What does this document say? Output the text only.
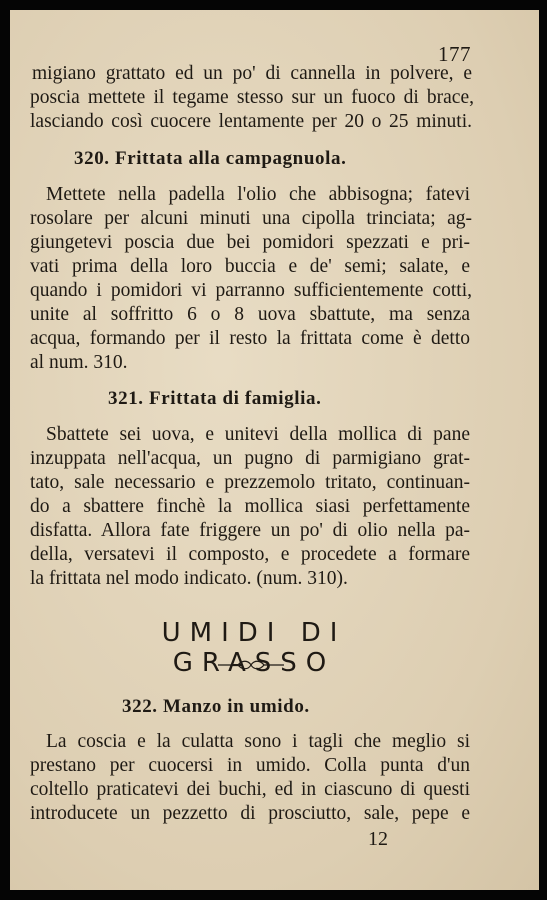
177
migiano grattato ed un po' di cannella in polvere, e
poscia mettete il tegame stesso sur un fuoco di brace,
lasciando così cuocere lentamente per 20 o 25 minuti.
320. Frittata alla campagnuola.
Mettete nella padella l'olio che abbisogna; fatevi
rosolare per alcuni minuti una cipolla trinciata; ag-
giungetevi poscia due bei pomidori spezzati e pri-
vati prima della loro buccia e de' semi; salate, e
quando i pomidori vi parranno sufficientemente cotti,
unite al soffritto 6 o 8 uova sbattute, ma senza
acqua, formando per il resto la frittata come è detto
al num. 310.
321. Frittata di famiglia.
Sbattete sei uova, e unitevi della mollica di pane
inzuppata nell'acqua, un pugno di parmigiano grat-
tato, sale necessario e prezzemolo tritato, continuan-
do a sbattere finchè la mollica siasi perfettamente
disfatta. Allora fate friggere un po' di olio nella pa-
della, versatevi il composto, e procedete a formare
la frittata nel modo indicato. (num. 310).
UMIDI DI GRASSO
322. Manzo in umido.
La coscia e la culatta sono i tagli che meglio si
prestano per cuocersi in umido. Colla punta d'un
coltello praticatevi dei buchi, ed in ciascuno di questi
introducete un pezzetto di prosciutto, sale, pepe e
12
